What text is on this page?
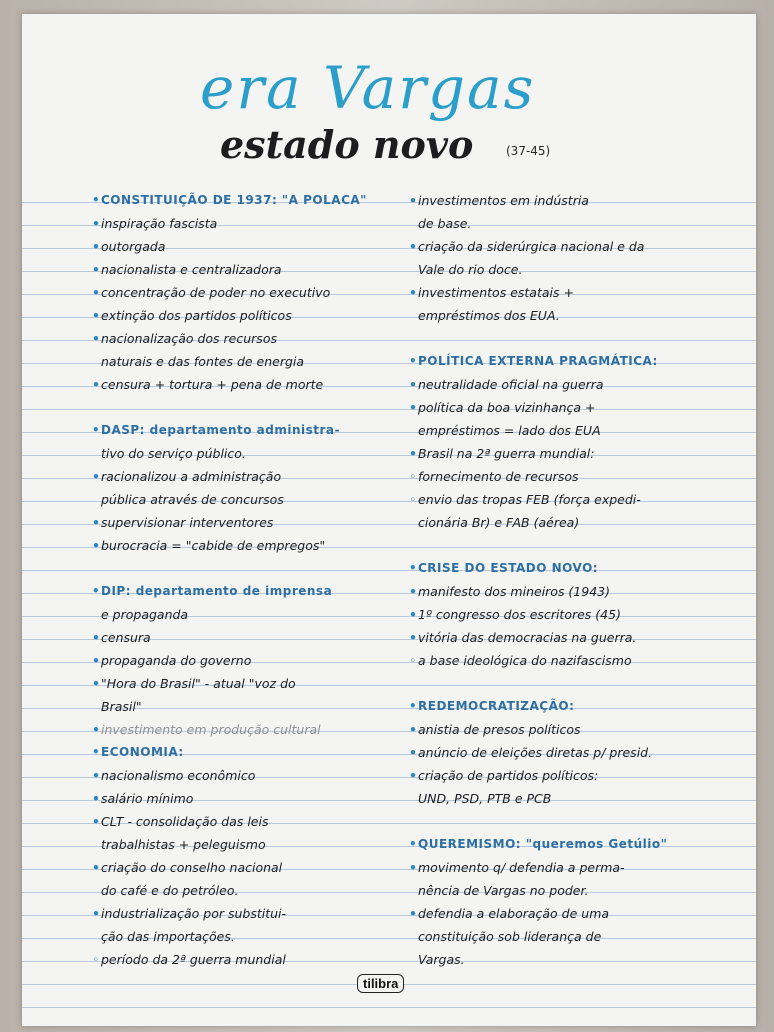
era Vargas
estado novo	(37-45)
•CONSTITUIÇÃO DE 1937: "A POLACA"
•inspiração fascista
•outorgada
•nacionalista e centralizadora
•concentração de poder no executivo
•extinção dos partidos políticos
•nacionalização dos recursos
naturais e das fontes de energia
•censura + tortura + pena de morte
•DASP: departamento administra-
tivo do serviço público.
•racionalizou a administração
pública através de concursos
•supervisionar interventores
•burocracia = "cabide de empregos"
•DIP: departamento de imprensa
e propaganda
•censura
•propaganda do governo
•"Hora do Brasil" - atual "voz do
Brasil"
•investimento em produção cultural
•ECONOMIA:
•nacionalismo econômico
•salário mínimo
•CLT - consolidação das leis
trabalhistas + peleguismo
•criação do conselho nacional
do café e do petróleo.
•industrialização por substitui-
ção das importações.
◦ período da 2ª guerra mundial
•investimentos em indústria
de base.
•criação da siderúrgica nacional e da
Vale do rio doce.
•investimentos estatais +
empréstimos dos EUA.
•POLÍTICA EXTERNA PRAGMÁTICA:
•neutralidade oficial na guerra
•política da boa vizinhança +
empréstimos = lado dos EUA
•Brasil na 2ª guerra mundial:
◦ fornecimento de recursos
◦ envio das tropas FEB (força expedi-
cionária Br) e FAB (aérea)
•CRISE DO ESTADO NOVO:
•manifesto dos mineiros (1943)
•1º congresso dos escritores (45)
•vitória das democracias na guerra.
◦ a base ideológica do nazifascismo
•REDEMOCRATIZAÇÃO:
•anistia de presos políticos
•anúncio de eleições diretas p/ presid.
•criação de partidos políticos:
UND, PSD, PTB e PCB
•QUEREMISMO: "queremos Getúlio"
•movimento q/ defendia a perma-
nência de Vargas no poder.
•defendia a elaboração de uma
constituição sob liderança de
Vargas.
tilibra
